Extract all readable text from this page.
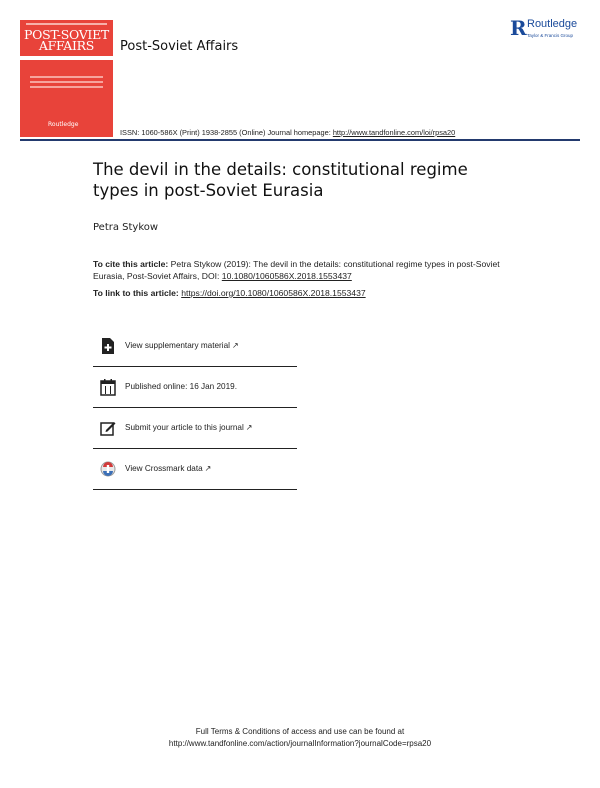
POST-SOVIET
AFFAIRS
Routledge
Post-Soviet Affairs
R Routledge
Taylor & Francis Group
ISSN: 1060-586X (Print) 1938-2855 (Online) Journal homepage: http://www.tandfonline.com/loi/rpsa20
The devil in the details: constitutional regime types in post-Soviet Eurasia
Petra Stykow
To cite this article: Petra Stykow (2019): The devil in the details: constitutional regime types in post-Soviet Eurasia, Post-Soviet Affairs, DOI: 10.1080/1060586X.2018.1553437
To link to this article: https://doi.org/10.1080/1060586X.2018.1553437
View supplementary material ↗
Published online: 16 Jan 2019.
Submit your article to this journal ↗
View Crossmark data ↗
Full Terms & Conditions of access and use can be found at
http://www.tandfonline.com/action/journalInformation?journalCode=rpsa20
